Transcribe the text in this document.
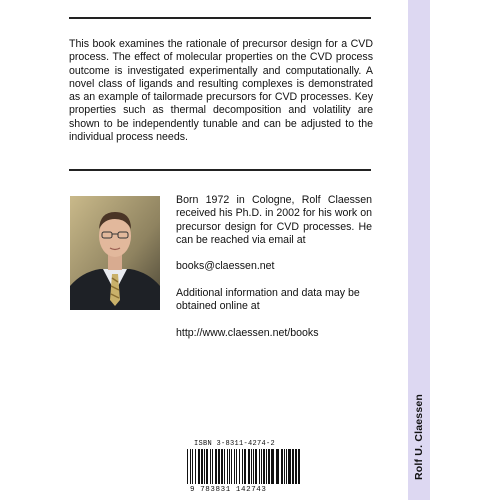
This book examines the rationale of precursor design for a CVD process. The effect of molecular properties on the CVD process outcome is investigated experimentally and computationally. A novel class of ligands and resulting complexes is demonstrated as an example of tailormade precursors for CVD processes. Key properties such as thermal decomposition and volatility are shown to be independently tunable and can be adjusted to the individual process needs.

Born 1972 in Cologne, Rolf Claessen received his Ph.D. in 2002 for his work on precursor design for CVD processes. He can be reached via email at

books@claessen.net

Additional information and data may be obtained online at

http://www.claessen.net/books

Rolf U. Claessen
ISBN 3-8311-4274-2
9 783831 142743
